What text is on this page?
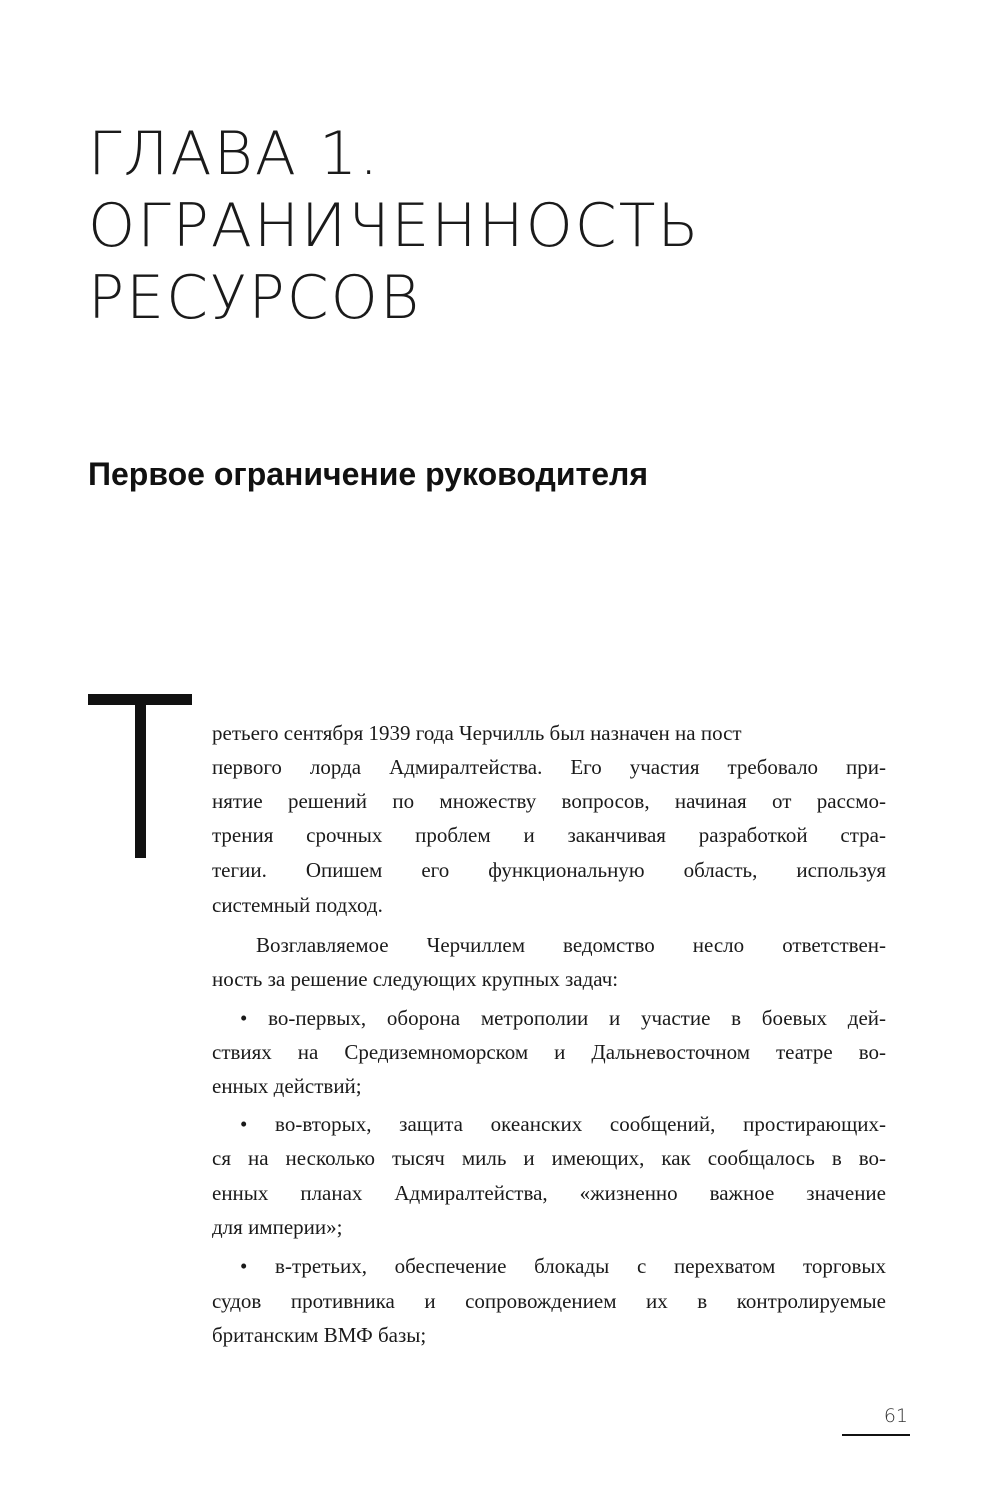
ГЛАВА 1.
ОГРАНИЧЕННОСТЬ
РЕСУРСОВ
Первое ограничение руководителя

ретьего сентября 1939 года Черчилль был назначен на пост

первого лорда Адмиралтейства. Его участия требовало при-

нятие решений по множеству вопросов, начиная от рассмо-

трения срочных проблем и заканчивая разработкой стра-

тегии. Опишем его функциональную область, используя

системный подход.

Возглавляемое Черчиллем ведомство несло ответствен-

ность за решение следующих крупных задач:

• во-первых, оборона метрополии и участие в боевых дей-

ствиях на Средиземноморском и Дальневосточном театре во-

енных действий;

• во-вторых, защита океанских сообщений, простирающих-

ся на несколько тысяч миль и имеющих, как сообщалось в во-

енных планах Адмиралтейства, «жизненно важное значение

для империи»;

• в-третьих, обеспечение блокады с перехватом торговых

судов противника и сопровождением их в контролируемые

британским ВМФ базы;

61
